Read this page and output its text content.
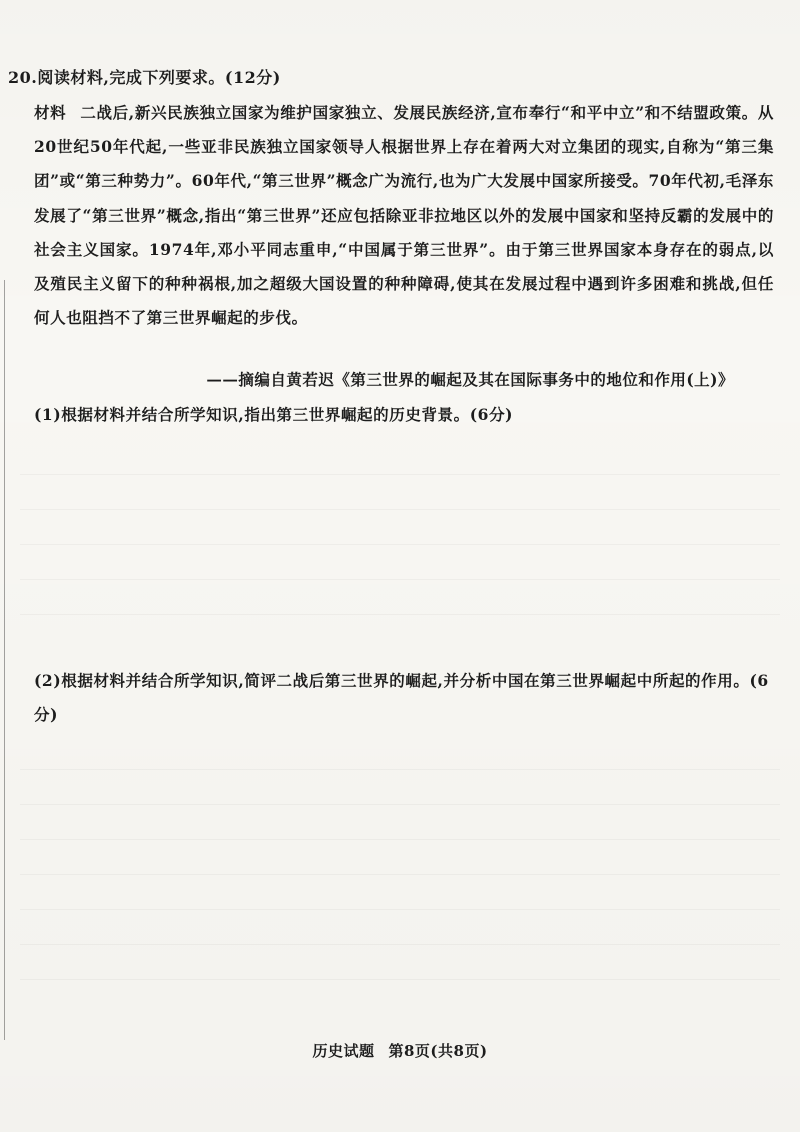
20.阅读材料,完成下列要求。(12分)
材料 二战后,新兴民族独立国家为维护国家独立、发展民族经济,宣布奉行“和平中立”和不结盟政策。从20世纪50年代起,一些亚非民族独立国家领导人根据世界上存在着两大对立集团的现实,自称为“第三集团”或“第三种势力”。60年代,“第三世界”概念广为流行,也为广大发展中国家所接受。70年代初,毛泽东发展了“第三世界”概念,指出“第三世界”还应包括除亚非拉地区以外的发展中国家和坚持反霸的发展中的社会主义国家。1974年,邓小平同志重申,“中国属于第三世界”。由于第三世界国家本身存在的弱点,以及殖民主义留下的种种祸根,加之超级大国设置的种种障碍,使其在发展过程中遇到许多困难和挑战,但任何人也阻挡不了第三世界崛起的步伐。
——摘编自黄若迟《第三世界的崛起及其在国际事务中的地位和作用(上)》
(1)根据材料并结合所学知识,指出第三世界崛起的历史背景。(6分)
(2)根据材料并结合所学知识,简评二战后第三世界的崛起,并分析中国在第三世界崛起中所起的作用。(6分)
历史试题 第8页(共8页)
